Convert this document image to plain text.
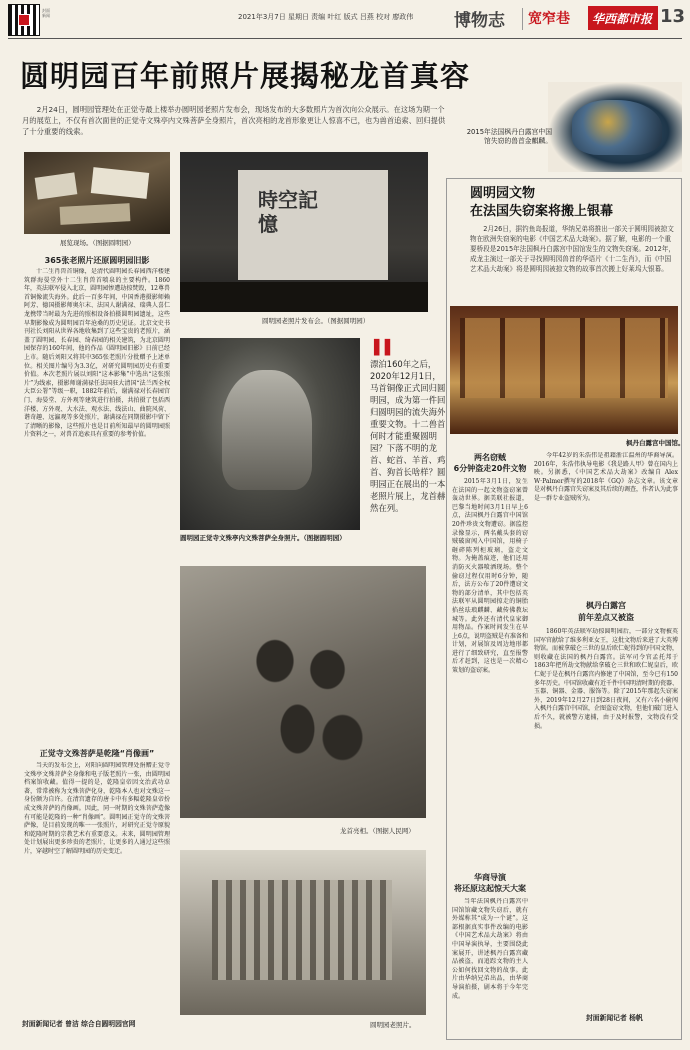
封面新闻	2021年3月7日 星期日 责编 叶红 版式 吕燕 校对 廖政伟 博物志 宽窄巷 华西都市报 13
圆明园百年前照片展揭秘龙首真容
2月24日，圆明园管理处在正觉寺最上楼举办圆明园老照片发布会，现场发布的大多数照片为首次向公众展示。在这场为期一个月的展览上，不仅有首次面世的正觉寺文殊亭内文殊菩萨全身照片，首次亮相的龙首形象更让人惊喜不已，也为兽首追索、回归提供了十分重要的线索。	2015年法国枫丹白露宫中国馆失窃的兽首金麒麟。
展览现场。（图据圆明园）
365张老照片还原圆明园旧影
十二生肖兽首铜像，是清代圆明园长春园西洋楼建筑群海晏堂外十二生肖兽首喷泉的主要构件。1860年，英法联军侵入北京，圆明园惨遭劫掠焚毁，12尊兽首铜像流失海外。此后一百多年间，中国香港摄影师赖阿芳、德国摄影师奥尔末、法国人谢满禄、瑞典人喜仁龙携带当时最为先进的照相设备拍摄圆明园遗址，这些早期影像成为圆明园百年沧桑的历史见证。北京文史书刊社长刘阳从世界各地收集到了这些宝贵的老照片，涵盖了圆明园、长春园、绮春园的相关建筑，为北京圆明园保存的160年间，他的作品《圆明园旧影》日前已经上市。随后刘阳又将其中365张老照片分批赠予上述单位。相关图片编号为3.3亿，对研究圆明园历史有重要价值。本次老照片展以刘阳“这本影集”中选出“这张照片”为线索，摄影师谢满禄任法国驻大清国“法兰西全权大臣公署”等级一职，1882年前后，谢满禄对长春园宫门、海晏堂、方外观等建筑进行拍摄，共拍摄了包括西洋楼、方外观、大水法、观水法、线法山、曲院风荷、谐奇趣、远瀛观等多处照片，谢满禄在同期摄影中留下了清晰的影像，这些照片也是目前所知最早的圆明园照片资料之一，对兽首追索具有重要的参考价值。
正觉寺文殊菩萨是乾隆“肖像画”
当天的发布会上，对阳向圆明园管理处捐赠正觉寺文殊亭文殊菩萨全身像和电子版老照片一张，由圆明园档案馆收藏。值得一提的是，乾隆皇帝因文治武功卓著，常常被称为文殊菩萨化身，乾隆本人也对文殊这一身份颇为自许。在清宫遗存的唐卡中有多幅乾隆皇帝扮成文殊菩萨的肖像画。因此，同一时期的文殊菩萨造像有可能是乾隆的一种“肖像画”。圆明园正觉寺的文殊菩萨像，是目前发现的唯一一张照片，对研究正觉寺原貌和乾隆时期的宗教艺术有重要意义。未来，圆明园管理处计划展出更多珍贵的老照片，让更多的人通过这些照片，穿越时空了解圆明园的历史变迁。
封面新闻记者 曾洁 综合自圆明园官网
時空記憶
圆明园老照片发布会。（图据圆明园）
圆明园正觉寺文殊亭内文殊菩萨全身照片。（图据圆明园）
▌▌
漂泊160年之后，2020年12月1日，马首铜像正式回归圆明园，成为第一件回归圆明园的流失海外重要文物。十二兽首何时才能重聚圆明园？下落不明的龙首、蛇首、羊首、鸡首、狗首长啥样？圆明园正在展出的一本老照片展上，龙首赫然在列。
龙首亮相。（图据人民网）
圆明园老照片。
圆明园文物
在法国失窃案将搬上银幕
2月26日，据钓鱼岛报道，华纳兄弟将推出一部关于圆明园被掠文物在欧洲失窃案的电影《中国艺术品大劫案》。据了解，电影的一个重要桥段是2015年法国枫丹白露宫中国馆发生的文物失窃案。2012年，成龙主演过一部关于寻找圆明园兽首的华语片《十二生肖》，而《中国艺术品大劫案》将是圆明园被掠文物的故事首次搬上好莱坞大银幕。
枫丹白露宫中国馆。
两名窃贼
6分钟盗走20件文物
2015年3月1日，发生在法国的一起文物盗窃案曾轰动世界。据美联社报道，巴黎当地时间3月1日早上6点，法国枫丹白露宫中国馆20件珍贵文物遭窃。据监控录像显示，两名戴头套的窃贼破窗闯入中国馆，用椅子砸碎陈列柜玻璃，盗走文物。为掩盖痕迹，他们还用消防灭火器喷洒现场。整个偷窃过程仅用时6分钟，随后，法方公布了20件遭窃文物的部分清单，其中包括英法联军从圆明园掠走的铜胎掐丝珐琅麒麟、藏传佛教坛城等。此外还有清代皇家御用物品。作案时间发生在早上6点，说明盗贼是有准备和计划，对展馆及周边地形都进行了细致研究，直至报警后才赶到，这也是一次精心策划的盗窃案。
华商导演
将还原这起惊天大案
当年法国枫丹白露宫中国馆馆藏文物失窃后，就有外媒称其“成为一个谜”。这部根据真实事件改编的电影《中国艺术品大劫案》将由中国导演执导，主要围绕此案展开，讲述枫丹白露宫藏品被盗，而追踪文物的主人公如何找回文物的故事。此片由华纳兄弟出品，由华商导演拍摄，剧本将于今年完成。
今年42岁的朱浩伟是祖籍浙江温州的华裔导演。2016年，朱浩伟执导电影《我是路人甲》曾在国内上映。另据悉，《中国艺术品大劫案》改编自 Alex W·Palmer撰写的2018年《GQ》杂志文章。该文章是对枫丹白露宫失窃案及其后续的调查，作者认为此事是一群专业盗贼所为。
枫丹白露宫
前年差点又被盗
1860年英法联军劫掠圆明园后，一部分文物被英国军官献给了维多利亚女王，这批文物后来进了大英博物馆。而被拿破仑三世的皇后欧仁妮得到的中国文物，则收藏在法国的枫丹白露宫。法军司令官孟托邦于1863年把所劫文物献给拿破仑三世和欧仁妮皇后，欧仁妮于是在枫丹白露宫内修建了中国馆，至今已有150多年历史。中国馆收藏有近千件中国明清时期的瓷器、玉器、铜器、金器、服饰等。除了2015年那起失窃案外，2019年12月27日到28日夜间，又有六名小偷闯入枫丹白露宫中国馆，企图盗窃文物，但他们破门进入后不久，就被警方逮捕，由于及时报警，文物没有受损。
封面新闻记者 杨帆
